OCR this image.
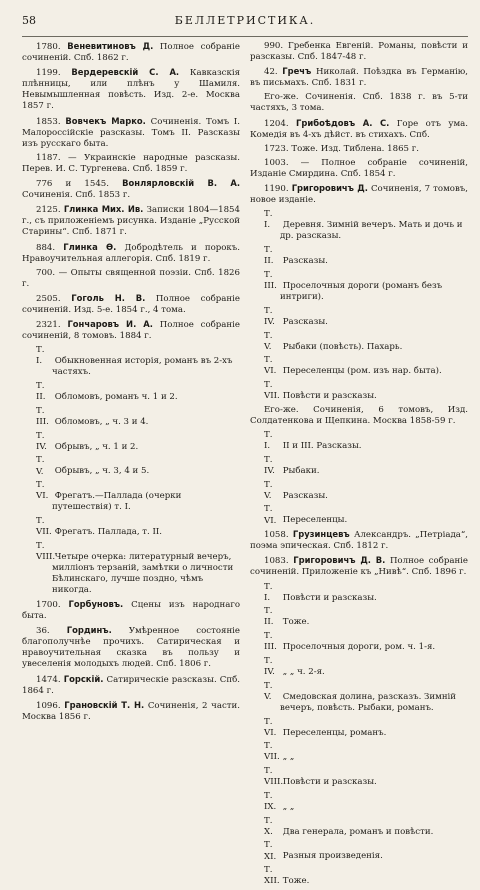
58	БЕЛЛЕТРИСТИКА.

1780. Веневитиновъ Д. Полное собраніе сочиненій. Спб. 1862 г.

1199. Вердеревскій С. А. Кавказскія плѣнницы, или плѣнъ у Шамиля. Невымышленная повѣсть. Изд. 2-е. Москва 1857 г.

1853. Вовчекъ Марко. Сочиненія. Томъ I. Малороссійскіе разсказы. Томъ II. Разсказы изъ русскаго быта.

1187. — Украинскіе народные разсказы. Перев. И. С. Тургенева. Спб. 1859 г.

776 и 1545. Вонлярловскій В. А. Сочиненія. Спб. 1853 г.

2125. Глинка Мих. Ив. Записки 1804—1854 г., съ приложеніемъ рисунка. Изданіе „Русской Старины“. Спб. 1871 г.

884. Глинка Ѳ. Добродѣтель и порокъ. Нравоучительная аллегорія. Спб. 1819 г.

700. — Опыты священной поэзіи. Спб. 1826 г.

2505. Гоголь Н. В. Полное собраніе сочиненій. Изд. 5-е. 1854 г., 4 тома.

2321. Гончаровъ И. А. Полное собраніе сочиненій, 8 томовъ. 1884 г.

Т. I. Обыкновенная исторія, романъ въ 2-хъ частяхъ.

Т. II. Обломовъ, романъ ч. 1 и 2.

Т. III. Обломовъ, „ ч. 3 и 4.

Т. IV. Обрывъ, „ ч. 1 и 2.

Т. V. Обрывъ, „ ч. 3, 4 и 5.

Т. VI. Фрегатъ.—Паллада (очерки путешествія) т. I.

Т. VII. Фрегатъ. Паллада, т. II.

Т. VIII. Четыре очерка: литературный вечеръ, милліонъ терзаній, замѣтки о личности Бѣлинскаго, лучше поздно, чѣмъ никогда.

1700. Горбуновъ. Сцены изъ народнаго быта.

36. Гординъ. Умѣренное состояніе благополучнѣе прочихъ. Сатирическая и нравоучительная сказка въ пользу и увеселенія молодыхъ людей. Спб. 1806 г.

1474. Горскій. Сатирическіе разсказы. Спб. 1864 г.

1096. Грановскій Т. Н. Сочиненія, 2 части. Москва 1856 г.

990. Гребенка Евгеній. Романы, повѣсти и разсказы. Спб. 1847-48 г.

42. Гречъ Николай. Поѣздка въ Германію, въ письмахъ. Спб. 1831 г.

Его-же. Сочиненія. Спб. 1838 г. въ 5-ти частяхъ, 3 тома.

1204. Грибоѣдовъ А. С. Горе отъ ума. Комедія въ 4-хъ дѣйст. въ стихахъ. Спб.

1723. Тоже. Изд. Тиблена. 1865 г.

1003. — Полное собраніе сочиненій, Изданіе Смирдина. Спб. 1854 г.

1190. Григоровичъ Д. Сочиненія, 7 томовъ, новое изданіе.

Т. I. Деревня. Зимній вечеръ. Мать и дочь и др. разсказы.

Т. II. Разсказы.

Т. III. Проселочныя дороги (романъ безъ интриги).

Т. IV. Разсказы.

Т. V. Рыбаки (повѣсть). Пахарь.

Т. VI. Переселенцы (ром. изъ нар. быта).

Т. VII. Повѣсти и разсказы.

Его-же. Сочиненія, 6 томовъ, Изд. Солдатенкова и Щепкина. Москва 1858-59 г.

Т. I. II и III. Разсказы.

Т. IV. Рыбаки.

Т. V. Разсказы.

Т. VI. Переселенцы.

1058. Грузинцевъ Александръ. „Петріада“, поэма эпическая. Спб. 1812 г.

1083. Григоровичъ Д. В. Полное собраніе сочиненій. Приложеніе къ „Нивѣ“. Спб. 1896 г.

Т. I. Повѣсти и разсказы.

Т. II. Тоже.

Т. III. Проселочныя дороги, ром. ч. 1-я.

Т. IV. „ „ ч. 2-я.

Т. V. Смедовская долина, разсказъ. Зимній вечеръ, повѣсть. Рыбаки, романъ.

Т. VI. Переселенцы, романъ.

Т. VII. „ „

Т. VIII. Повѣсти и разсказы.

Т. IX. „ „

Т. X. Два генерала, романъ и повѣсти.

Т. XI. Разныя произведенія.

Т. XII. Тоже.
